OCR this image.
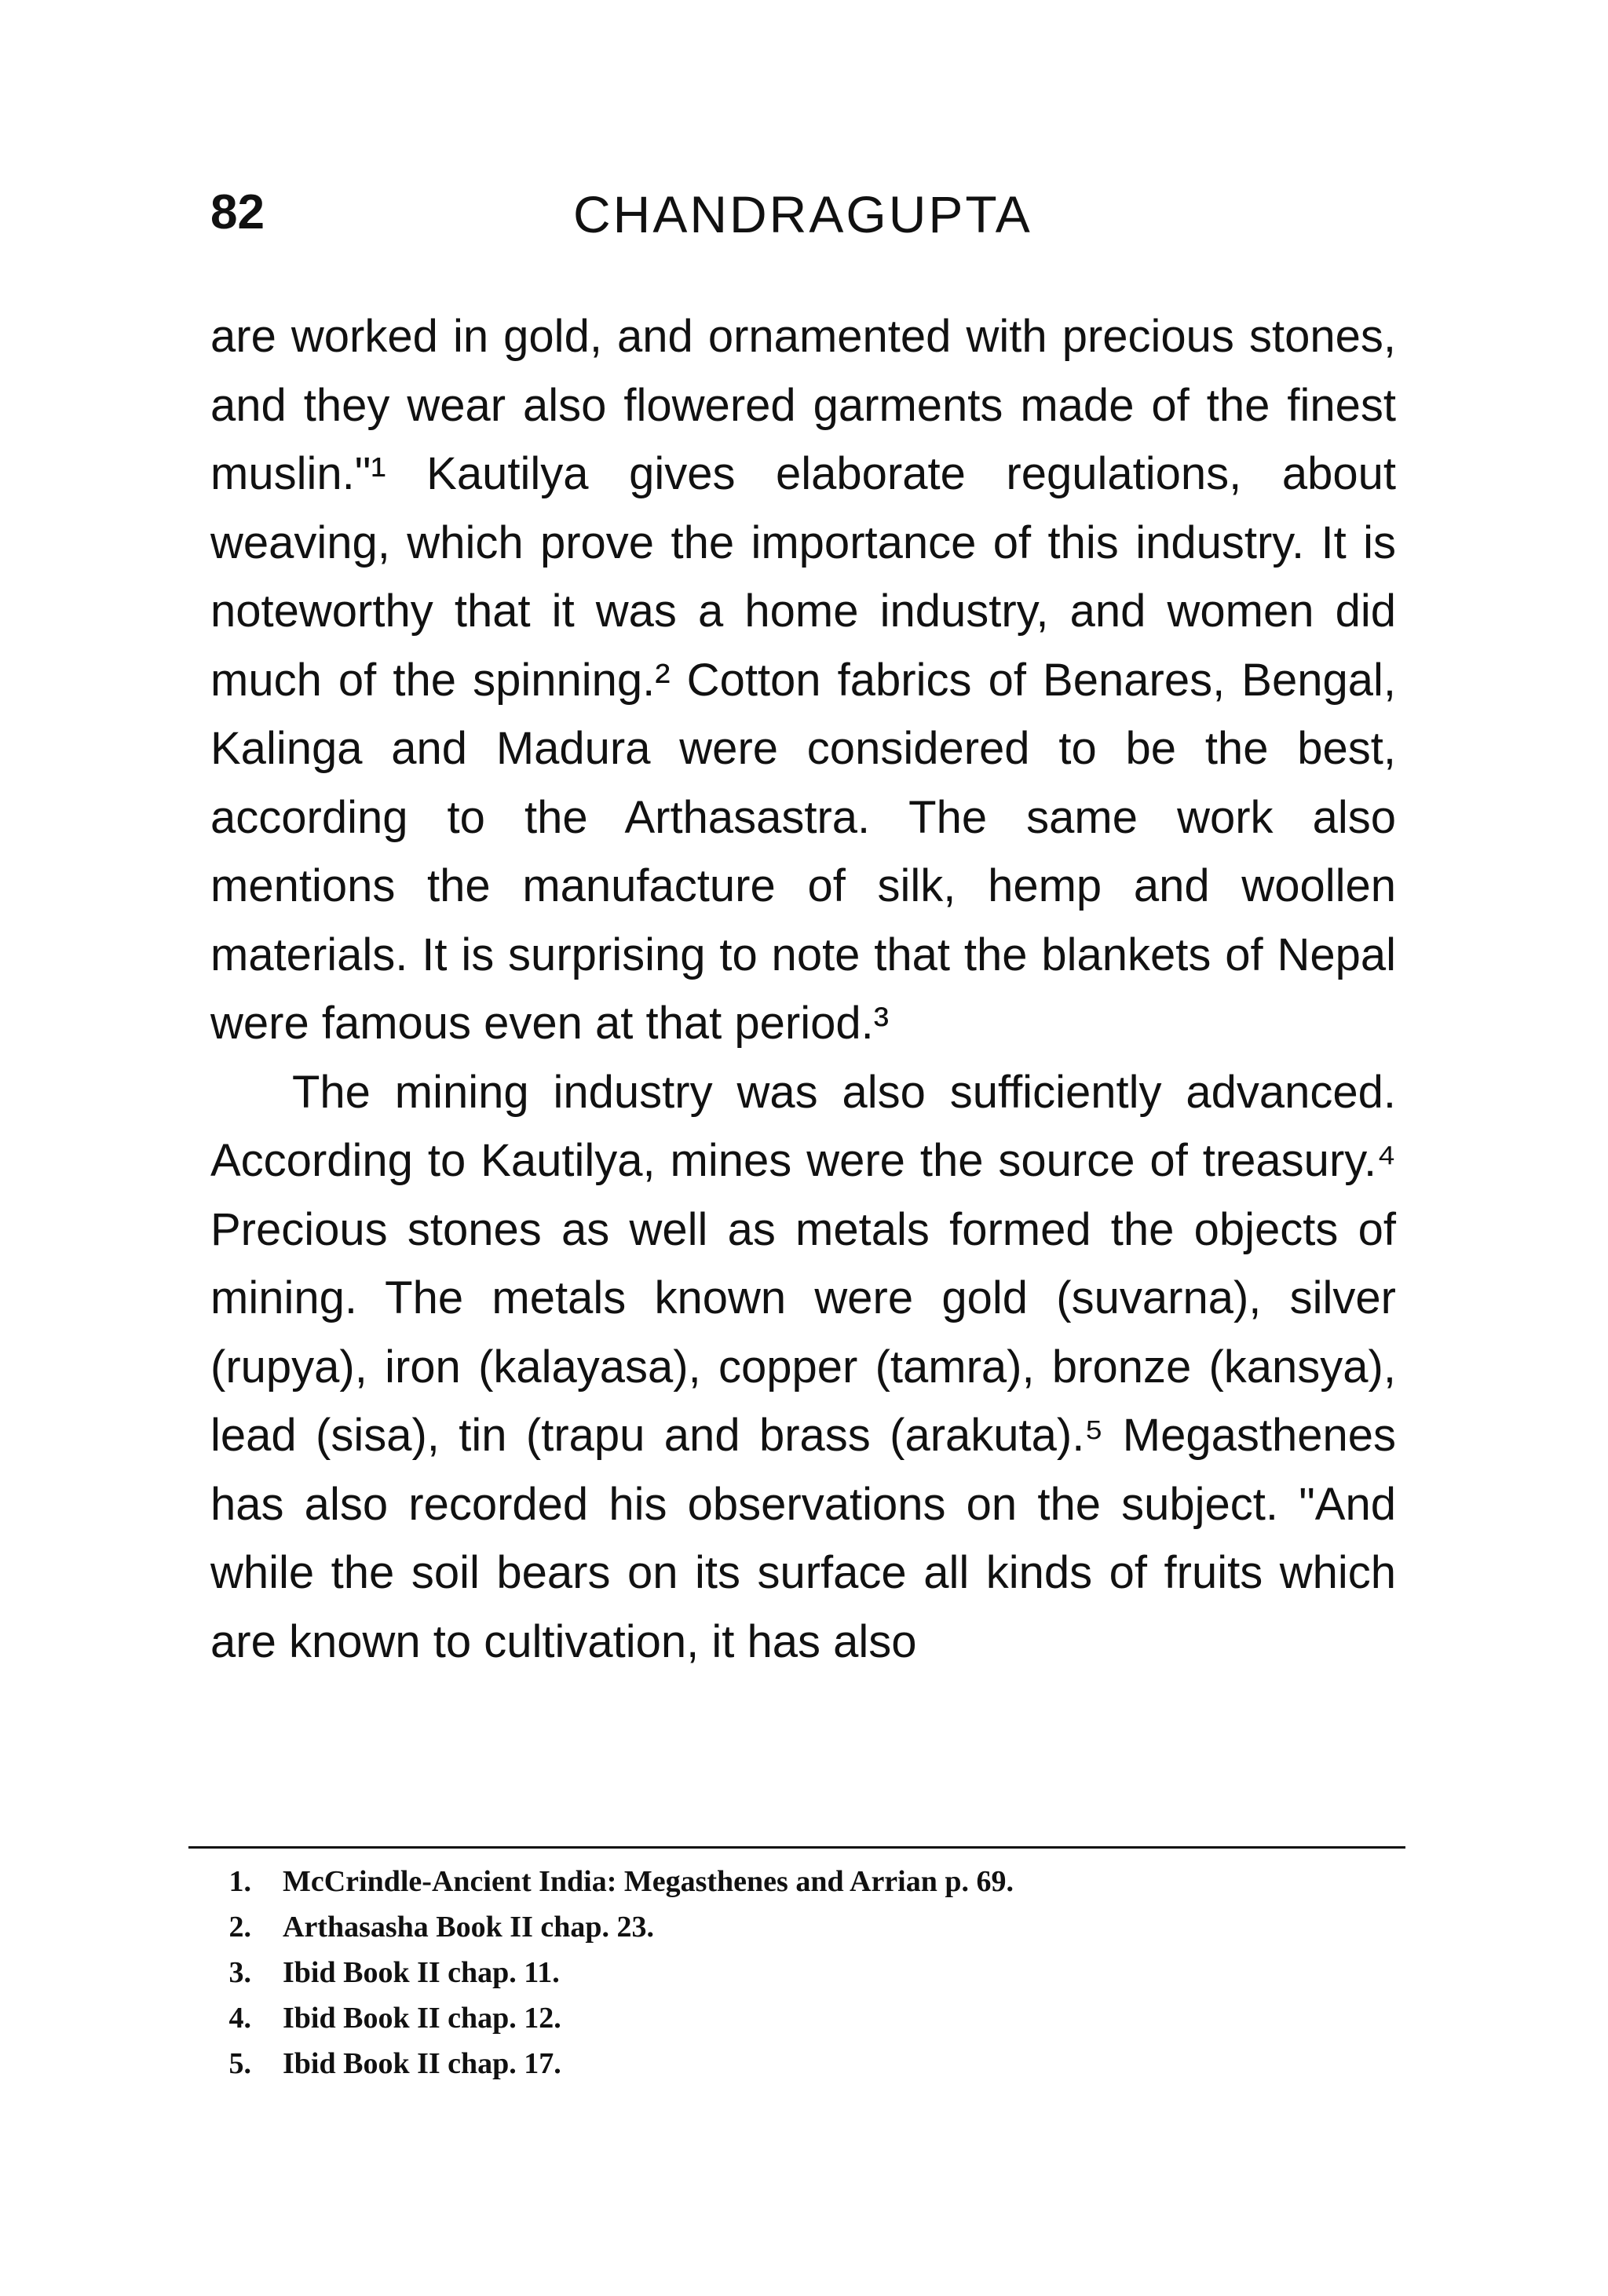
82	CHANDRAGUPTA

are worked in gold, and ornamented with precious stones, and they wear also flowered garments made of the finest muslin."¹ Kautilya gives elaborate regulations, about weaving, which prove the importance of this industry. It is noteworthy that it was a home industry, and women did much of the spinning.² Cotton fabrics of Benares, Bengal, Kalinga and Madura were considered to be the best, according to the Arthasastra. The same work also mentions the manufacture of silk, hemp and woollen materials. It is surprising to note that the blankets of Nepal were famous even at that period.³

The mining industry was also sufficiently advanced. According to Kautilya, mines were the source of treasury.⁴ Precious stones as well as metals formed the objects of mining. The metals known were gold (suvarna), silver (rupya), iron (kalayasa), copper (tamra), bronze (kansya), lead (sisa), tin (trapu and brass (arakuta).⁵ Megasthenes has also recorded his observations on the subject. "And while the soil bears on its surface all kinds of fruits which are known to cultivation, it has also

1.	McCrindle-Ancient India: Megasthenes and Arrian p. 69.
2.	Arthasasha Book II chap. 23.
3.	Ibid Book II chap. 11.
4.	Ibid Book II chap. 12.
5.	Ibid Book II chap. 17.
